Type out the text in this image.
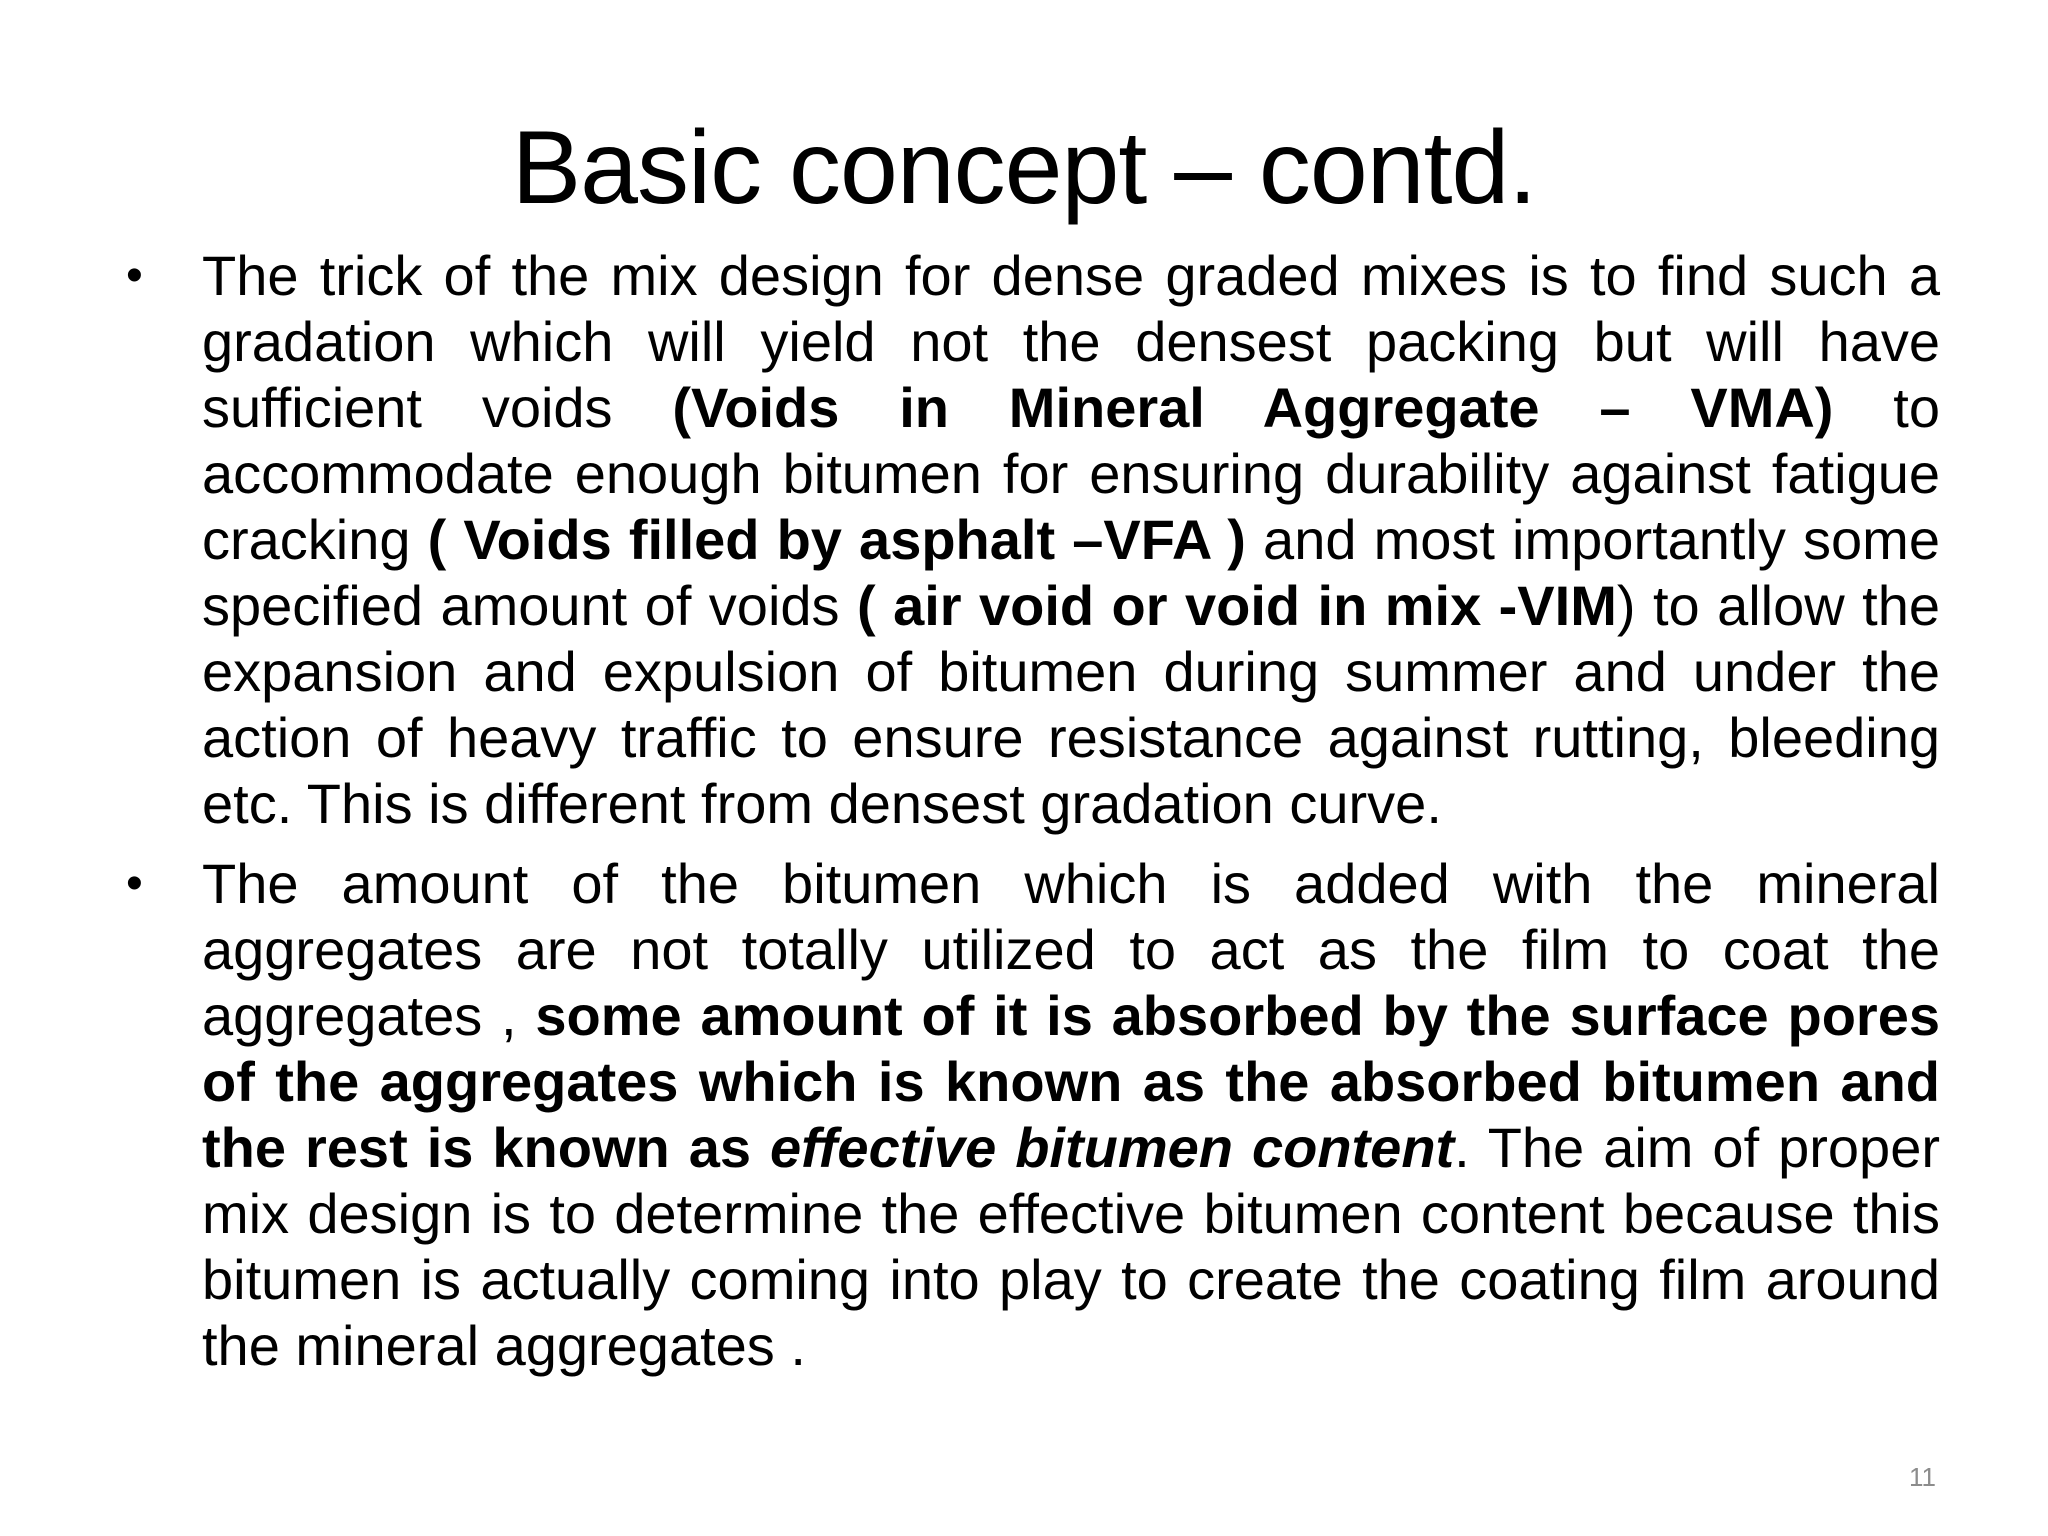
Basic concept – contd.
•	The trick of the mix design for dense graded mixes is to find such a gradation which will yield not the densest packing but will have sufficient voids (Voids in Mineral Aggregate – VMA) to accommodate enough bitumen for ensuring durability against fatigue cracking ( Voids filled by asphalt –VFA ) and most importantly some specified amount of voids ( air void or void in mix -VIM) to allow the expansion and expulsion of bitumen during summer and under the action of heavy traffic to ensure resistance against rutting, bleeding etc. This is different from densest gradation curve.
•	The amount of the bitumen which is added with the mineral aggregates are not totally utilized to act as the film to coat the aggregates , some amount of it is absorbed by the surface pores of the aggregates which is known as the absorbed bitumen and the rest is known as effective bitumen content. The aim of proper mix design is to determine the effective bitumen content because this bitumen is actually coming into play to create the coating film around the mineral aggregates .
11
